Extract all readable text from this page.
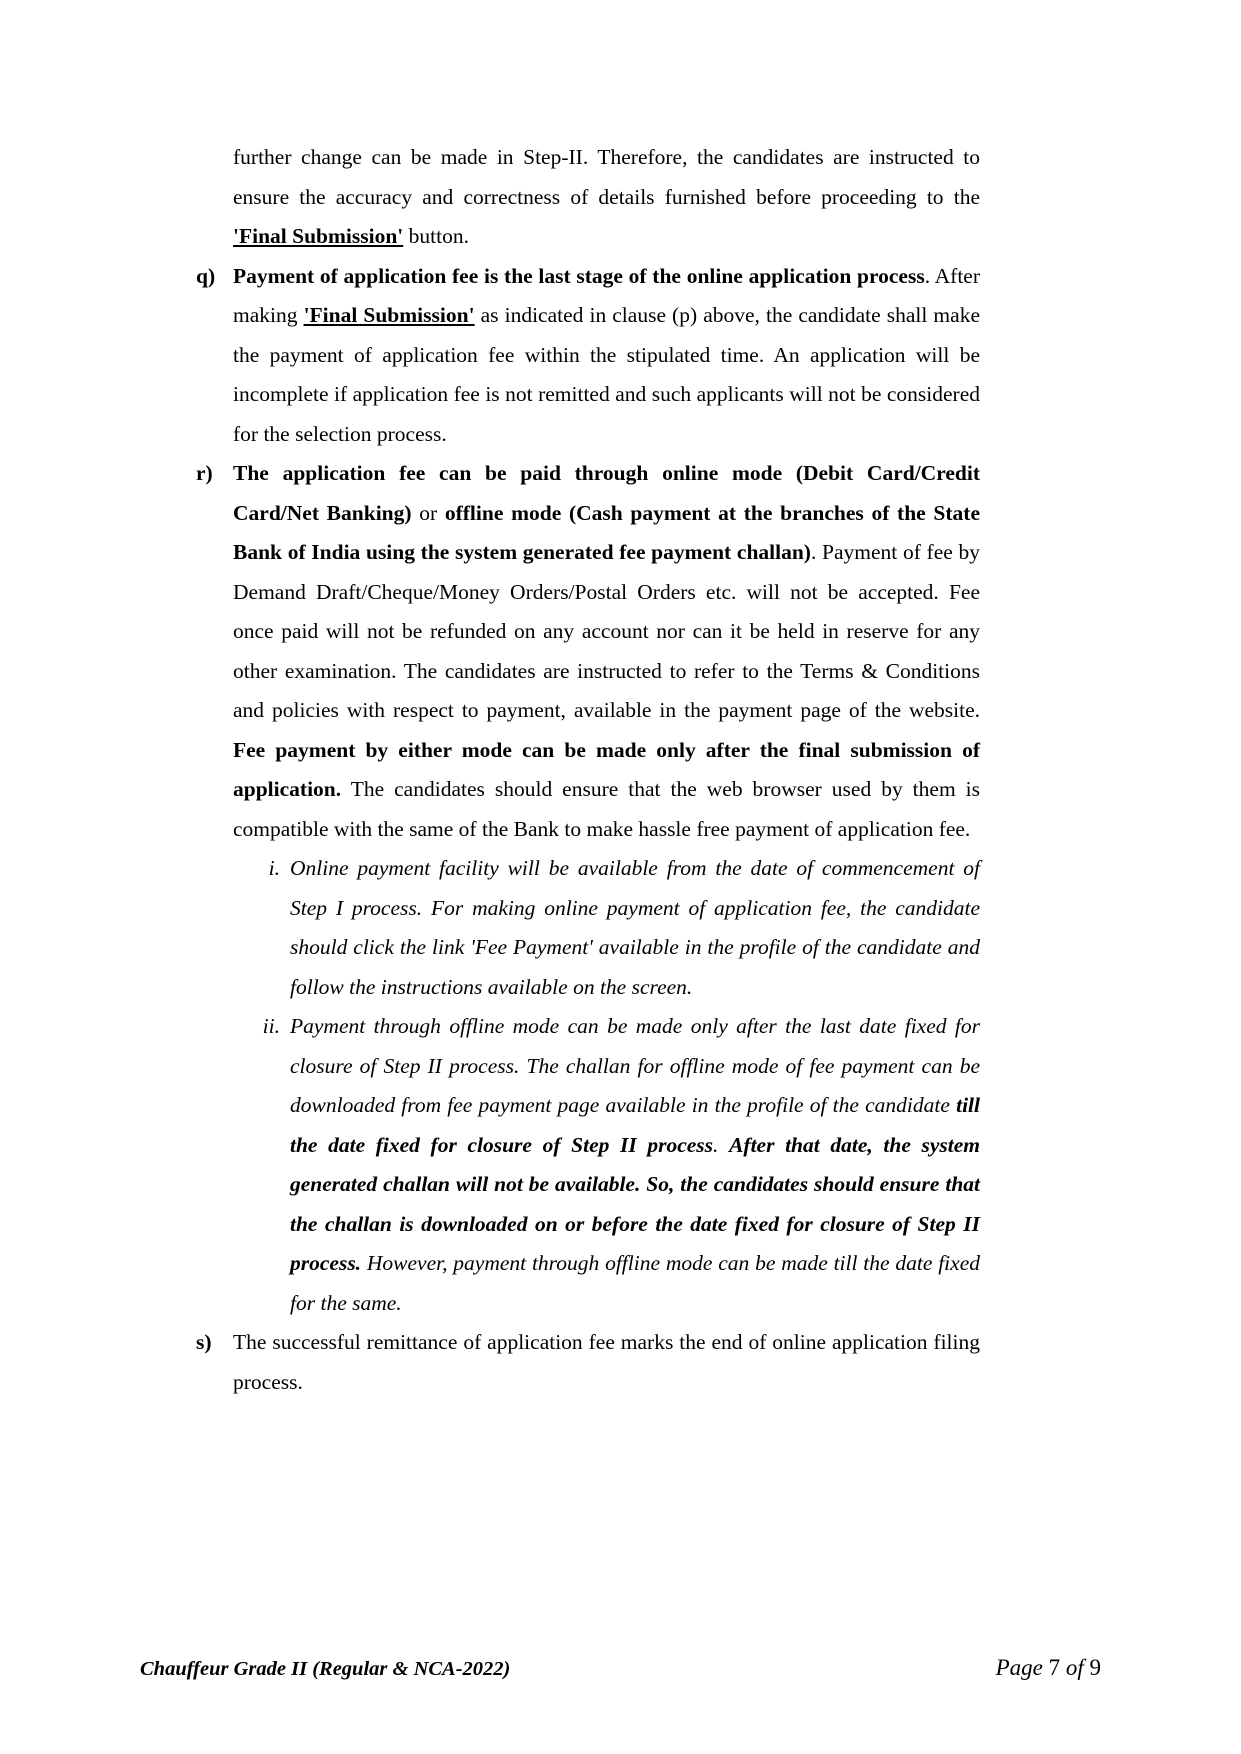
further change can be made in Step-II. Therefore, the candidates are instructed to ensure the accuracy and correctness of details furnished before proceeding to the 'Final Submission' button.

q) Payment of application fee is the last stage of the online application process. After making 'Final Submission' as indicated in clause (p) above, the candidate shall make the payment of application fee within the stipulated time. An application will be incomplete if application fee is not remitted and such applicants will not be considered for the selection process.

r) The application fee can be paid through online mode (Debit Card/Credit Card/Net Banking) or offline mode (Cash payment at the branches of the State Bank of India using the system generated fee payment challan). Payment of fee by Demand Draft/Cheque/Money Orders/Postal Orders etc. will not be accepted. Fee once paid will not be refunded on any account nor can it be held in reserve for any other examination. The candidates are instructed to refer to the Terms & Conditions and policies with respect to payment, available in the payment page of the website. Fee payment by either mode can be made only after the final submission of application. The candidates should ensure that the web browser used by them is compatible with the same of the Bank to make hassle free payment of application fee.

i. Online payment facility will be available from the date of commencement of Step I process. For making online payment of application fee, the candidate should click the link 'Fee Payment' available in the profile of the candidate and follow the instructions available on the screen.

ii. Payment through offline mode can be made only after the last date fixed for closure of Step II process. The challan for offline mode of fee payment can be downloaded from fee payment page available in the profile of the candidate till the date fixed for closure of Step II process. After that date, the system generated challan will not be available. So, the candidates should ensure that the challan is downloaded on or before the date fixed for closure of Step II process. However, payment through offline mode can be made till the date fixed for the same.

s) The successful remittance of application fee marks the end of online application filing process.

Chauffeur Grade II (Regular & NCA-2022)	Page 7 of 9
